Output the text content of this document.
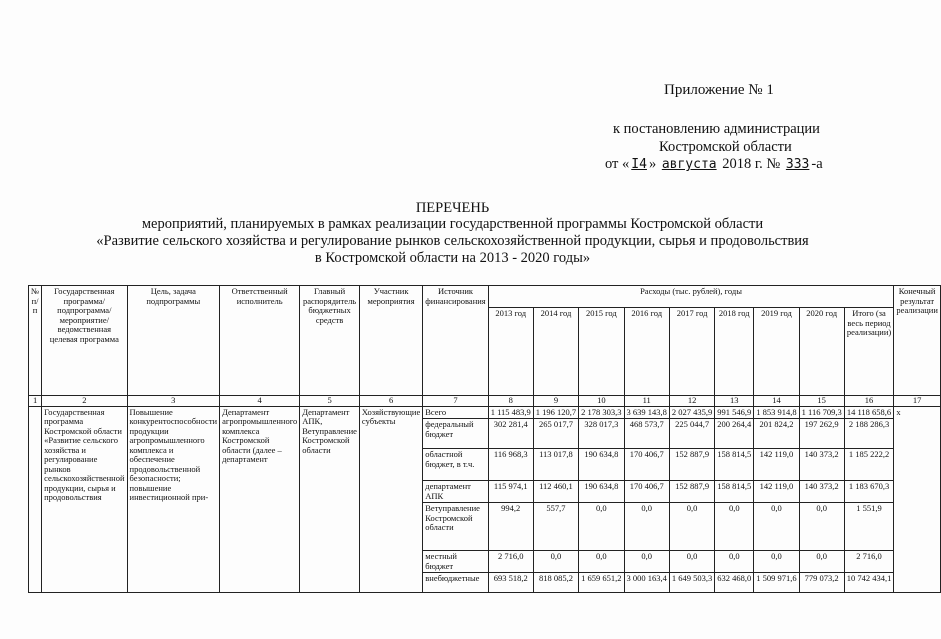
Приложение № 1
к постановлению администрации
Костромской области
от « I4 » августа 2018 г. № 333 -а
ПЕРЕЧЕНЬ
мероприятий, планируемых в рамках реализации государственной программы Костромской области
«Развитие сельского хозяйства и регулирование рынков сельскохозяйственной продукции, сырья и продовольствия
в Костромской области на 2013 - 2020 годы»
№ п/п	Государственная программа/ подпрограмма/ мероприятие/ ведомственная целевая программа	Цель, задача подпрограммы	Ответственный исполнитель	Главный распорядитель бюджетных средств	Участник мероприятия	Источник финансирования	Расходы (тыс. рублей), годы									Конечный результат реализации
							2013 год	2014 год	2015 год	2016 год	2017 год	2018 год	2019 год	2020 год	Итого (за весь период реализации)	
1	2	3	4	5	6	7	8	9	10	11	12	13	14	15	16	17
	Государственная программа Костромской области «Развитие сельского хозяйства и регулирование рынков сельскохозяйственной продукции, сырья и продовольствия	Повышение конкурентоспособности продукции агропромышленного комплекса и обеспечение продовольственной безопасности; повышение инвестиционной при-	Департамент агропромышленного комплекса Костромской области (далее – департамент	Департамент АПК, Ветуправление Костромской области	Хозяйствующие субъекты	Всего	1 115 483,9	1 196 120,7	2 178 303,3	3 639 143,8	2 027 435,9	991 546,9	1 853 914,8	1 116 709,3	14 118 658,6	х
						федеральный бюджет	302 281,4	265 017,7	328 017,3	468 573,7	225 044,7	200 264,4	201 824,2	197 262,9	2 188 286,3	
						областной бюджет, в т.ч.	116 968,3	113 017,8	190 634,8	170 406,7	152 887,9	158 814,5	142 119,0	140 373,2	1 185 222,2	
						департамент АПК	115 974,1	112 460,1	190 634,8	170 406,7	152 887,9	158 814,5	142 119,0	140 373,2	1 183 670,3	
						Ветуправление Костромской области	994,2	557,7	0,0	0,0	0,0	0,0	0,0	0,0	1 551,9	
						местный бюджет	2 716,0	0,0	0,0	0,0	0,0	0,0	0,0	0,0	2 716,0	
						внебюджетные	693 518,2	818 085,2	1 659 651,2	3 000 163,4	1 649 503,3	632 468,0	1 509 971,6	779 073,2	10 742 434,1	
